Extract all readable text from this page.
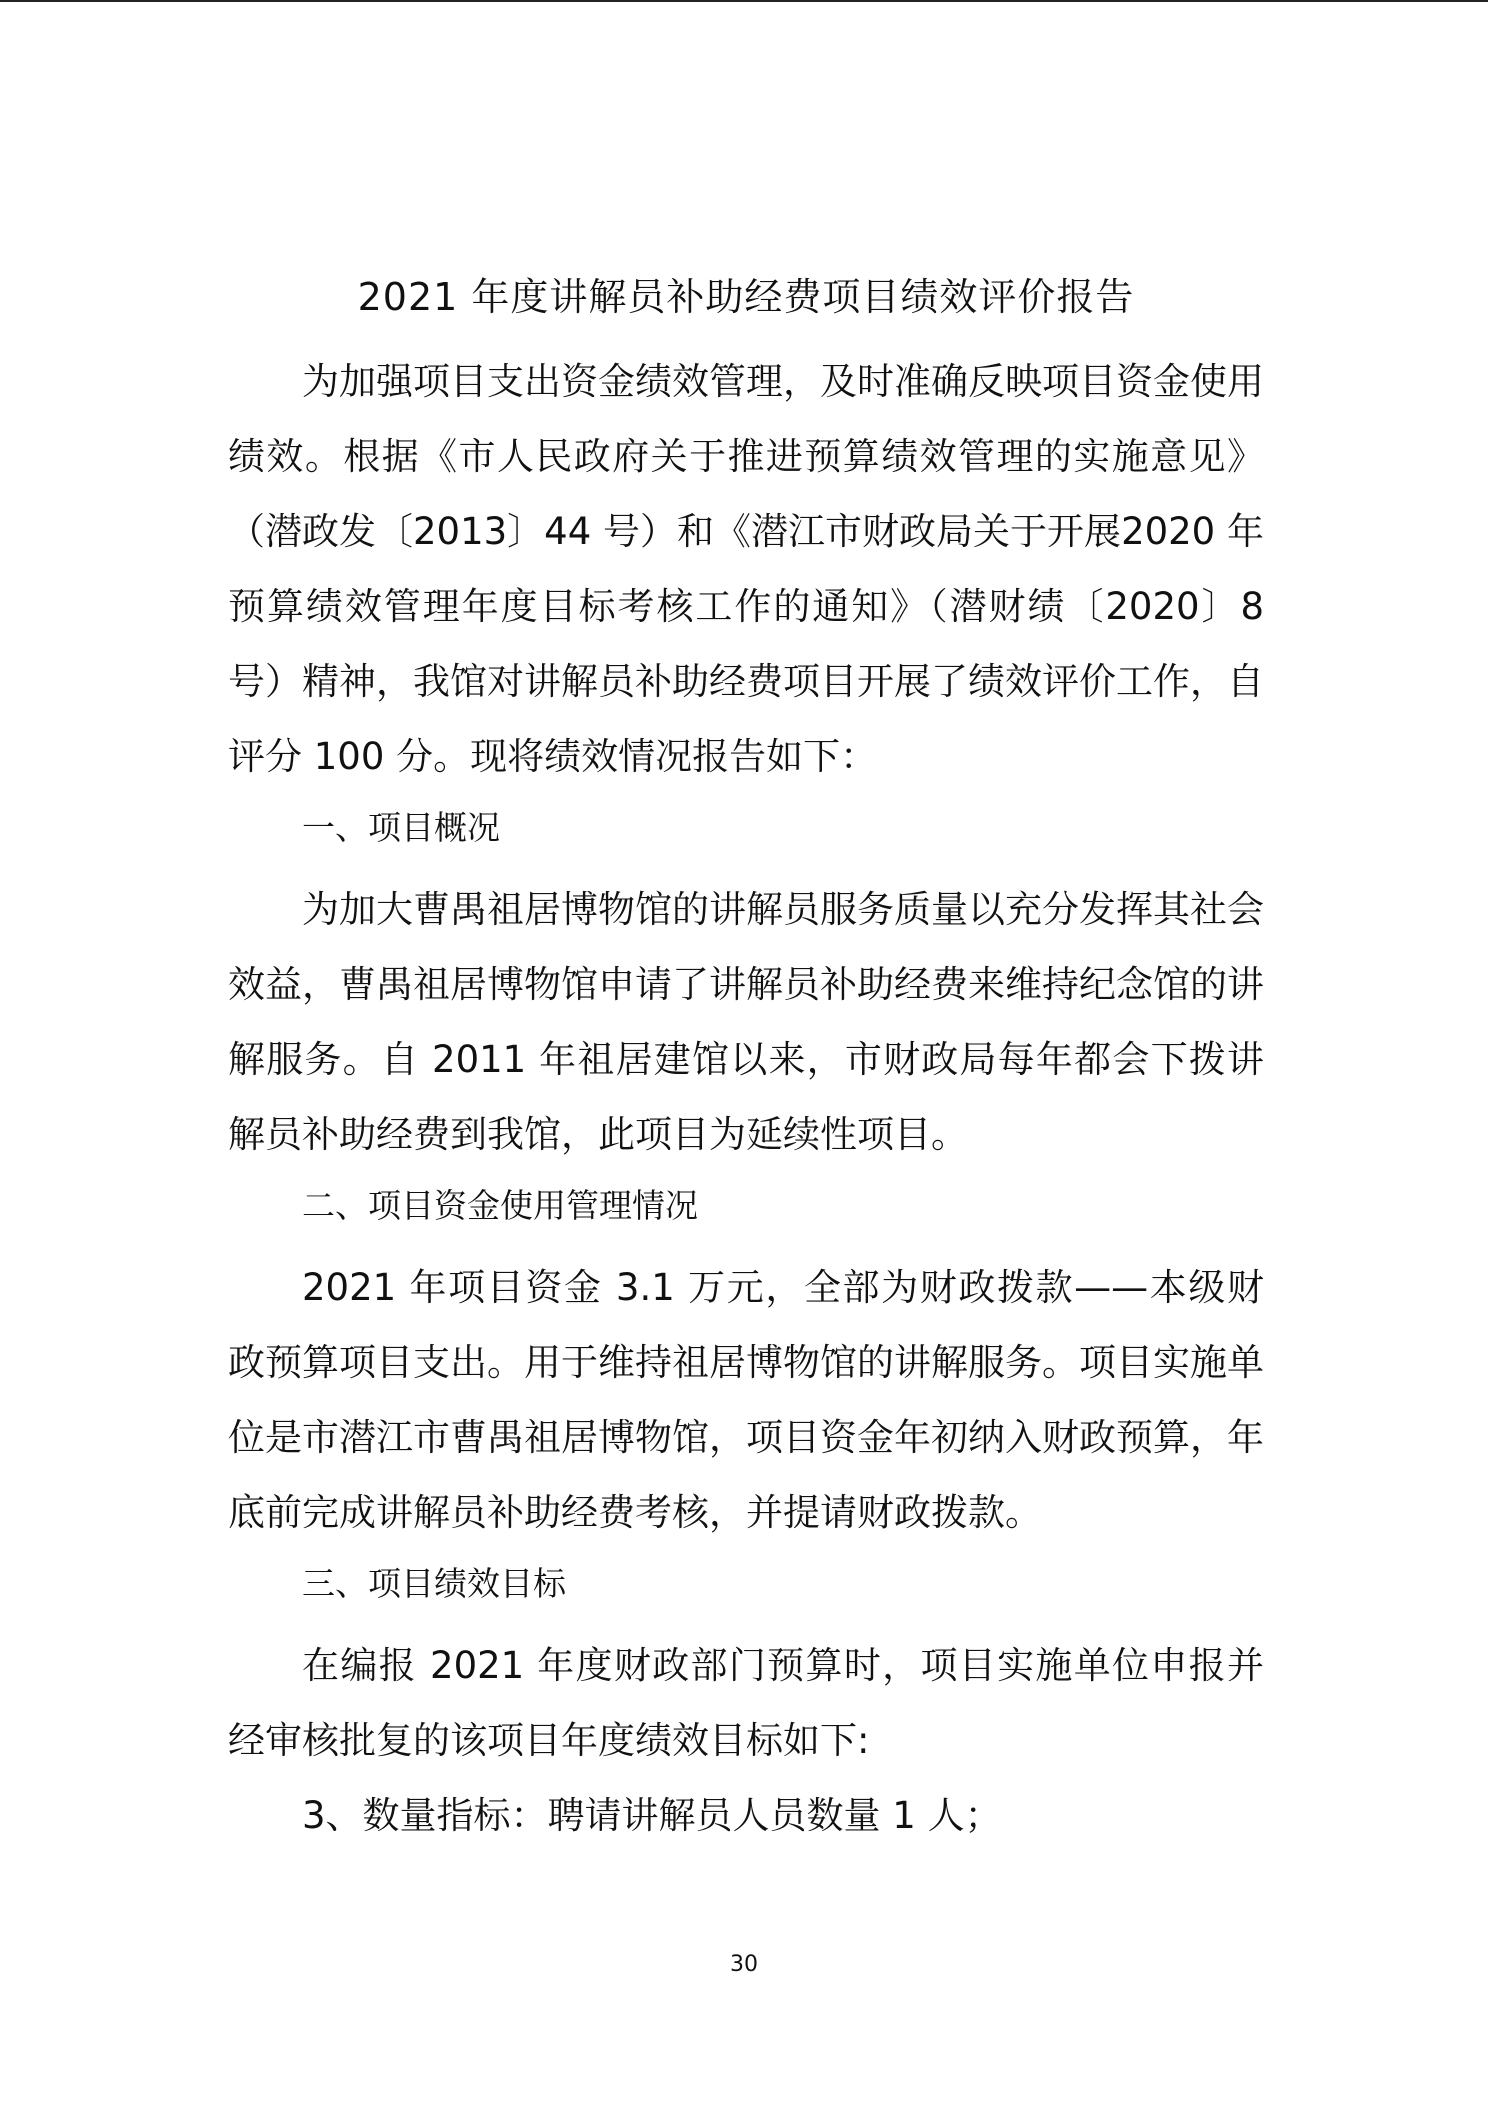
2021 年度讲解员补助经费项目绩效评价报告

为加强项目支出资金绩效管理，及时准确反映项目资金使用绩效。根据《市人民政府关于推进预算绩效管理的实施意见》（潜政发〔2013〕44 号）和《潜江市财政局关于开展2020 年预算绩效管理年度目标考核工作的通知》（潜财绩〔2020〕8 号）精神，我馆对讲解员补助经费项目开展了绩效评价工作，自评分 100 分。现将绩效情况报告如下：

一、项目概况

为加大曹禺祖居博物馆的讲解员服务质量以充分发挥其社会效益，曹禺祖居博物馆申请了讲解员补助经费来维持纪念馆的讲解服务。自 2011 年祖居建馆以来，市财政局每年都会下拨讲解员补助经费到我馆，此项目为延续性项目。

二、项目资金使用管理情况

2021 年项目资金 3.1 万元，全部为财政拨款——本级财政预算项目支出。用于维持祖居博物馆的讲解服务。项目实施单位是市潜江市曹禺祖居博物馆，项目资金年初纳入财政预算，年底前完成讲解员补助经费考核，并提请财政拨款。

三、项目绩效目标

在编报 2021 年度财政部门预算时，项目实施单位申报并经审核批复的该项目年度绩效目标如下:

3、数量指标：聘请讲解员人员数量 1 人；

30
